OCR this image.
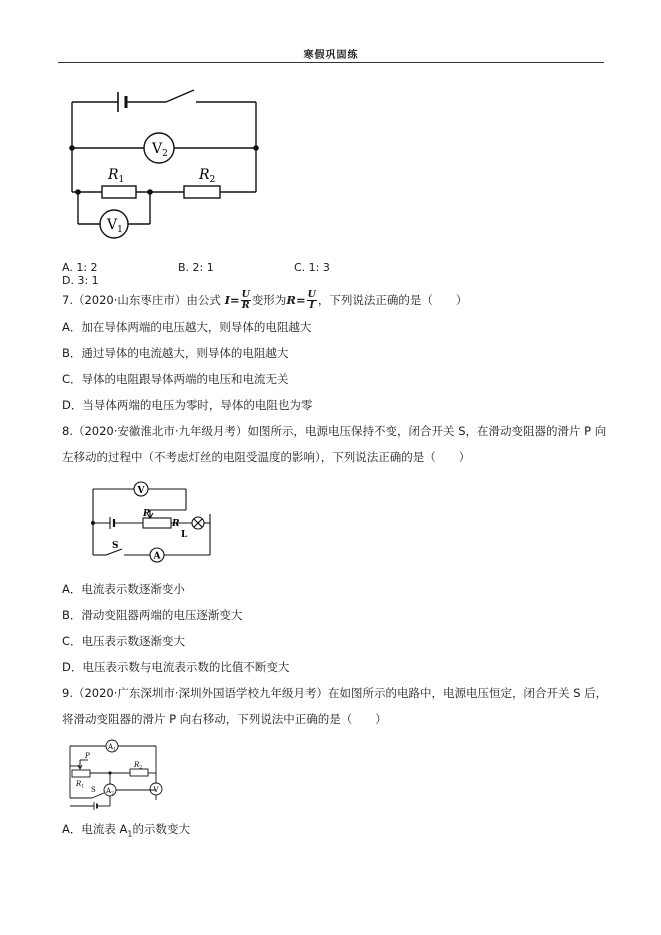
寒假巩固练
$V_2$
$R_1$	$R_2$
$V_1$
A. 1: 2	B. 2: 1	C. 1: 3D. 3: 1
7.（2020·山东枣庄市）由公式 $I= \frac{U}{R}$ 变形为$R= \frac{U}{I}$ ，下列说法正确的是（　　）
A．加在导体两端的电压越大，则导体的电阻越大
B．通过导体的电流越大，则导体的电阻越大
C．导体的电阻跟导体两端的电压和电流无关
D．当导体两端的电压为零时，导体的电阻也为零
8.（2020·安徽淮北市·九年级月考）如图所示，电源电压保持不变，闭合开关 S，在滑动变阻器的滑片 P 向
左移动的过程中（不考虑灯丝的电阻受温度的影响），下列说法正确的是（　　）
V
P
R
L
S
A
A．电流表示数逐渐变小
B．滑动变阻器两端的电压逐渐变大
C．电压表示数逐渐变大
D．电压表示数与电流表示数的比值不断变大
9.（2020·广东深圳市·深圳外国语学校九年级月考）在如图所示的电路中，电源电压恒定，闭合开关 S 后，
将滑动变阻器的滑片 P 向右移动，下列说法中正确的是（　　）
$A_1$
P
$R_1$
$R_2$
$A_2$	V
S
A．电流表 $A_1$的示数变大
